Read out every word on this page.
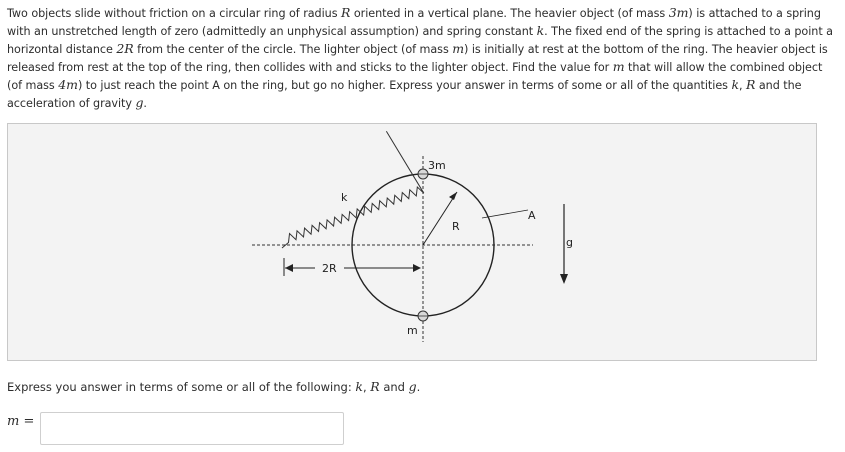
Two objects slide without friction on a circular ring of radius R oriented in a vertical plane. The heavier object (of mass 3m) is attached to a spring with an unstretched length of zero (admittedly an unphysical assumption) and spring constant k. The fixed end of the spring is attached to a point a horizontal distance 2R from the center of the circle. The lighter object (of mass m) is initially at rest at the bottom of the ring. The heavier object is released from rest at the top of the ring, then collides with and sticks to the lighter object. Find the value for m that will allow the combined object (of mass 4m) to just reach the point A on the ring, but go no higher. Express your answer in terms of some or all of the quantities k, R and the acceleration of gravity g.
3m
k
R
A
g
2R
m
Express you answer in terms of some or all of the following: k, R and g.
m =
